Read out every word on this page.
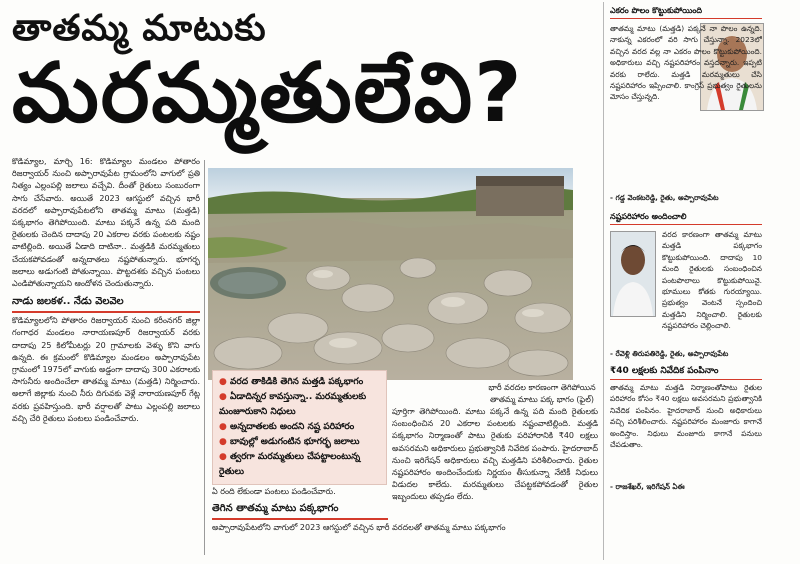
తాతమ్మ మాటుకు
మరమ్మతులేవి?
కొడిమ్యాల, మార్చి 16: కొడిమ్యాల మండలం పోతారం రిజర్వాయర్ నుంచి అప్పారావుపేట గ్రామంలోని వాగులో ప్రతి నిత్యం ఎల్లంపల్లి జలాలు వచ్చేవి. దీంతో రైతులు సంబురంగా సాగు చేసేవారు. అయితే 2023 ఆగస్టులో వచ్చిన భారీ వరదలో అప్పారావుపేటలోని తాతమ్మ మాటు (మత్తడి) పక్కభాగం తెగిపోయింది. మాటు పక్కనే ఉన్న పది మంది రైతులకు చెందిన దాదాపు 20 ఎకరాల వరకు పంటలకు నష్టం వాటిల్లింది. అయితే ఏడాది దాటినా.. మత్తడికి మరమ్మతులు చేయకపోవడంతో అన్నదాతలు నష్టపోతున్నారు. భూగర్భ జలాలు అడుగంటి పోతున్నాయి. పొట్టదశకు వచ్చిన పంటలు ఎండిపోతున్నాయని ఆందోళన చెందుతున్నారు.
నాడు జలకళ.. నేడు వెలవెల
కొడిమ్యాలలోని పోతారం రిజర్వాయర్ నుంచి కరీంనగర్ జిల్లా గంగాధర మండలం నారాయణపూర్ రిజర్వాయర్ వరకు దాదాపు 25 కిలోమీటర్లు 20 గ్రామాలకు వెళ్ళు కొని వాగు ఉన్నది. ఈ క్రమంలో కొడిమ్యాల మండలం అప్పారావుపేట గ్రామంలో 1975లో వాగుకు అడ్డంగా దాదాపు 300 ఎకరాలకు సాగునీరు అందించేలా తాతమ్మ మాటు (మత్తడి) నిర్మించారు. అలాగే జిల్లాకు నుంచి నీరు దిగువకు వెళ్లే నారాయణపూర్ గేట్ల వరకు ప్రవహిస్తుంది. భారీ వర్షాలతో పాటు ఎల్లంపల్లి జలాలు వచ్చి చేరి రైతులు పంటలు పండించేవారు.
● వరద తాకిడికి తెగిన మత్తడి పక్కభాగం
● ఏడాదిన్నర కావస్తున్నా.. మరమ్మతులకు మంజూరుకాని నిధులు
● అన్నదాతలకు అందని నష్ట పరిహారం
● బావుల్లో అడుగంటిన భూగర్భ జలాలు
● త్వరగా మరమ్మతులు చేపట్టాలంటున్న రైతులు
భారీ వరదల కారణంగా తెగిపోయిన తాతమ్మ మాటు పక్క భాగం (ఫైల్)
ఏ రంది లేకుండా పంటలు పండించేవారు.
తెగిన తాతమ్మ మాటు పక్కభాగం
అప్పారావుపేటలోని వాగులో 2023 ఆగస్టులో వచ్చిన భారీ వరదలతో తాతమ్మ మాటు పక్కభాగం
పూర్తిగా తెగిపోయింది. మాటు పక్కనే ఉన్న పది మంది రైతులకు సంబంధించిన 20 ఎకరాల పంటలకు నష్టంవాటిల్లింది. మత్తడి పక్కభాగం నిర్మాణంతో పాటు రైతుకు పరిహారానికి ₹40 లక్షలు అవసరమని అధికారులు ప్రభుత్వానికి నివేదిక పంపారు. హైదరాబాద్ నుంచి ఇరిగేషన్ అధికారులు వచ్చి మత్తడిని పరిశీలించారు. రైతుల నష్టపరిహారం అందించేందుకు నిర్ణయం తీసుకున్నా నేటికీ నిధులు విడుదల కాలేదు. మరమ్మతులు చేపట్టకపోవడంతో రైతుల ఇబ్బందులు తప్పడం లేదు.
ఎకరం పొలం కొట్టుకుపోయింది
తాతమ్మ మాటు (మత్తడి) పక్కనే నా పొలం ఉన్నది. నాకున్న ఎకరంలో వరి సాగు చేస్తున్నా. 2023లో వచ్చిన వరద వల్ల నా ఎకరం పొలం కొట్టుకుపోయింది. అధికారులు వచ్చి నష్టపరిహారం వస్తదన్నారు. ఇప్పటి వరకు రాలేదు. మత్తడి మరమ్మతులు చేసి నష్టపరిహారం ఇప్పించాలి. కాంగ్రెస్ ప్రభుత్వం రైతులను మోసం చేస్తున్నది.
- గడ్డ వెంకటరెడ్డి, రైతు, అప్పారావుపేట
నష్టపరిహారం అందించాలి
వరద కారణంగా తాతమ్మ మాటు మత్తడి పక్కభాగం కొట్టుకుపోయింది. దాదాపు 10 మంది రైతులకు సంబంధించిన పంటపొలాలు కొట్టుకుపోయినై. భూములు కోతకు గురయ్యాయి. ప్రభుత్వం వెంటనే స్పందించి మత్తడిని నిర్మించాలి. రైతులకు నష్టపరిహారం చెల్లించాలి.
- రేవెళ్లి తిరుపతిరెడ్డి, రైతు, అప్పారావుపేట
₹40 లక్షలకు నివేదిక పంపినాం
తాతమ్మ మాటు మత్తడి నిర్మాణంతోపాటు రైతుల పరిహారం కోసం ₹40 లక్షలు అవసరమని ప్రభుత్వానికి నివేదిక పంపినం. హైదరాబాద్ నుంచి అధికారులు వచ్చి పరిశీలించారు. నష్టపరిహారం మంజూరు కాగానే అందిస్తాం. నిధులు మంజూరు కాగానే పనులు చేపడుతాం.
- రాజశేఖర్, ఇరిగేషన్ ఏఈ
